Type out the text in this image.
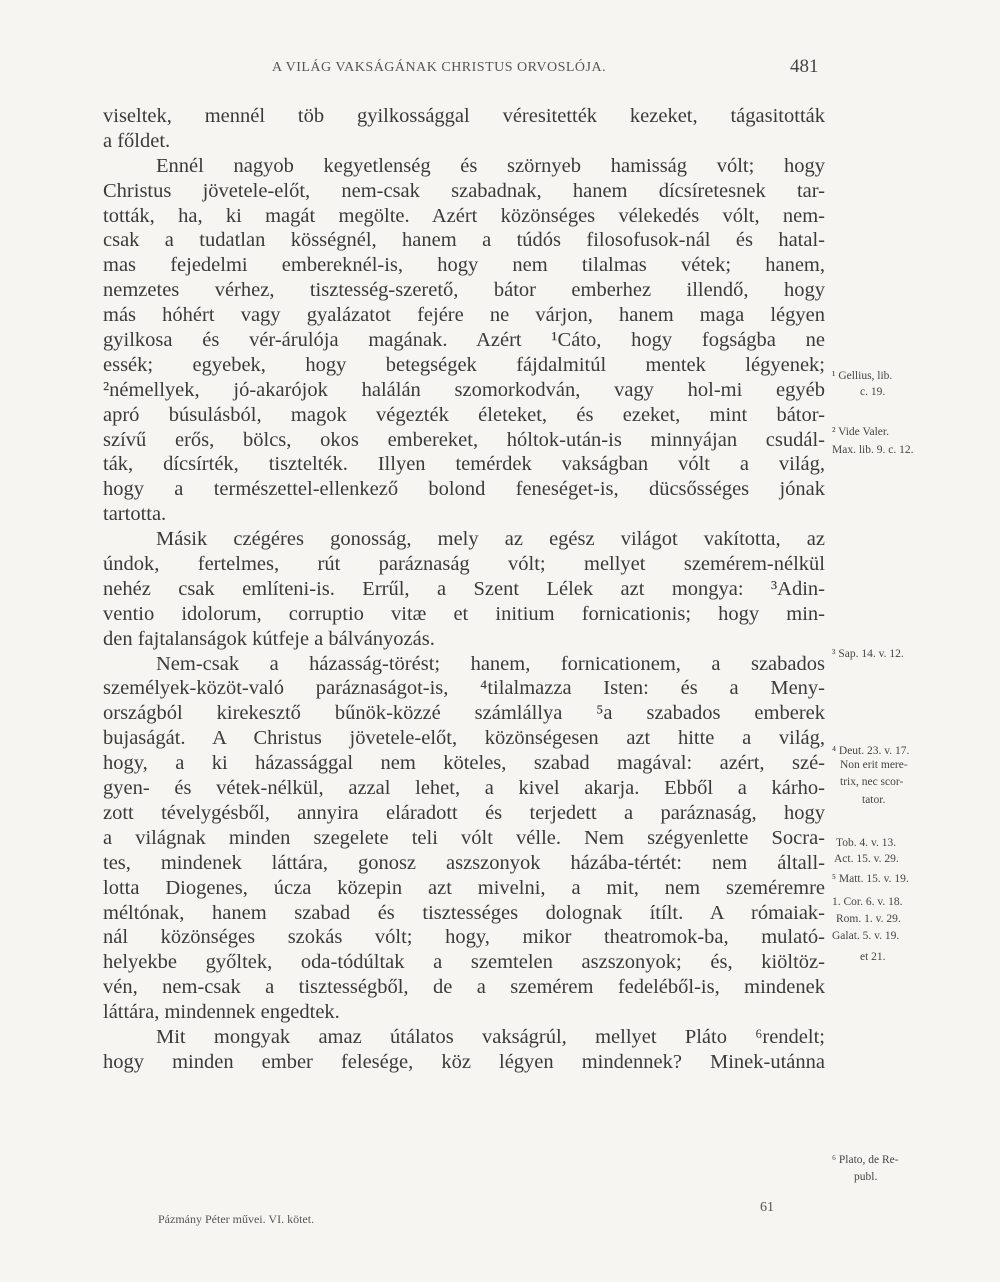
A VILÁG VAKSÁGÁNAK CHRISTUS ORVOSLÓJA.	481
viseltek, mennél töb gyilkossággal véresitették kezeket, tágasitották
a főldet.
Ennél nagyob kegyetlenség és szörnyeb hamisság vólt; hogy
Christus jövetele-előt, nem-csak szabadnak, hanem dícsíretesnek tar-
tották, ha, ki magát megölte. Azért közönséges vélekedés vólt, nem-
csak a tudatlan kösségnél, hanem a túdós filosofusok-nál és hatal-
mas fejedelmi embereknél-is, hogy nem tilalmas vétek; hanem,
nemzetes vérhez, tisztesség-szerető, bátor emberhez illendő, hogy
más hóhért vagy gyalázatot fejére ne várjon, hanem maga légyen
gyilkosa és vér-árulója magának. Azért ¹Cáto, hogy fogságba ne
essék; egyebek, hogy betegségek fájdalmitúl mentek légyenek;
²némellyek, jó-akarójok halálán szomorkodván, vagy hol-mi egyéb
apró búsulásból, magok végezték életeket, és ezeket, mint bátor-
szívű erős, bölcs, okos embereket, hóltok-után-is minnyájan csudál-
ták, dícsírték, tisztelték. Illyen temérdek vakságban vólt a világ,
hogy a természettel-ellenkező bolond feneséget-is, dücsősséges jónak
tartotta.
Másik czégéres gonosság, mely az egész világot vakította, az
úndok, fertelmes, rút paráznaság vólt; mellyet szemérem-nélkül
nehéz csak említeni-is. Errűl, a Szent Lélek azt mongya: ³Adin-
ventio idolorum, corruptio vitæ et initium fornicationis; hogy min-
den fajtalanságok kútfeje a bálványozás.
Nem-csak a házasság-törést; hanem, fornicationem, a szabados
személyek-közöt-való paráznaságot-is, ⁴tilalmazza Isten: és a Meny-
országból kirekesztő bűnök-közzé számlállya ⁵a szabados emberek
bujaságát. A Christus jövetele-előt, közönségesen azt hitte a világ,
hogy, a ki házassággal nem köteles, szabad magával: azért, szé-
gyen- és vétek-nélkül, azzal lehet, a kivel akarja. Ebből a kárho-
zott tévelygésből, annyira eláradott és terjedett a paráznaság, hogy
a világnak minden szegelete teli vólt vélle. Nem szégyenlette Socra-
tes, mindenek láttára, gonosz aszszonyok házába-tértét: nem általl-
lotta Diogenes, úcza közepin azt mivelni, a mit, nem szeméremre
méltónak, hanem szabad és tisztességes dolognak ítílt. A rómaiak-
nál közönséges szokás vólt; hogy, mikor theatromok-ba, mulató-
helyekbe győltek, oda-tódúltak a szemtelen aszszonyok; és, kiöltöz-
vén, nem-csak a tisztességből, de a szemérem fedeléből-is, mindenek
láttára, mindennek engedtek.
Mit mongyak amaz útálatos vakságrúl, mellyet Pláto ⁶rendelt;
hogy minden ember felesége, köz légyen mindennek? Minek-utánna
¹ Gellius, lib.
c. 19.
² Vide Valer.
Max. lib. 9. c. 12.
³ Sap. 14. v. 12.
⁴ Deut. 23. v. 17.
Non erit mere-
trix, nec scor-
tator.
Tob. 4. v. 13.
Act. 15. v. 29.
⁵ Matt. 15. v. 19.
1. Cor. 6. v. 18.
Rom. 1. v. 29.
Galat. 5. v. 19.
et 21.
⁶ Plato, de Re-
publ.
Pázmány Péter művei. VI. kötet.
61
